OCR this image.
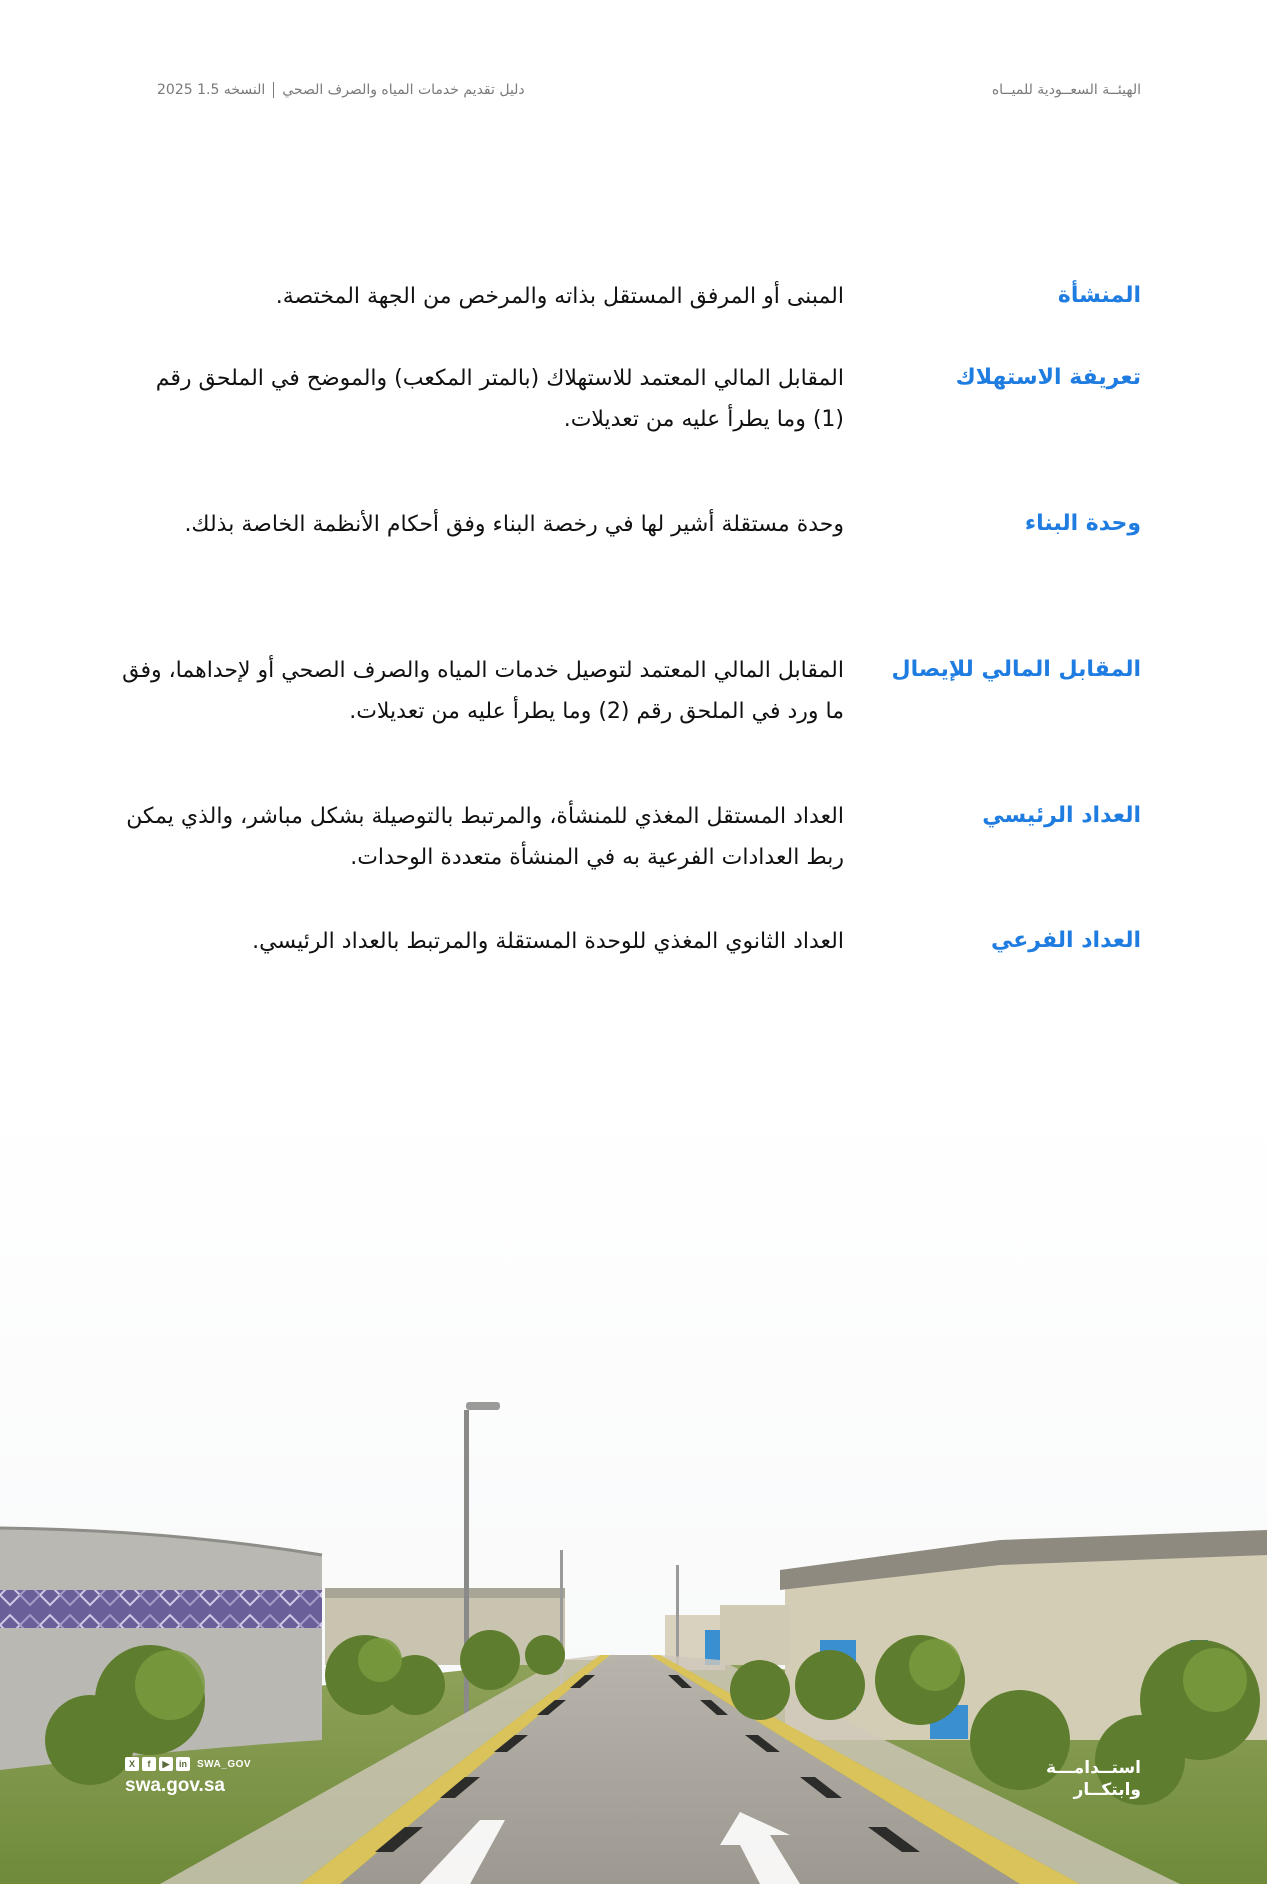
الهيئــة السعــودية للميــاه
دليل تقديم خدمات المياه والصرف الصحي
النسخه 1.5 2025
المنشأة
المبنى أو المرفق المستقل بذاته والمرخص من الجهة المختصة.
تعريفة الاستهلاك
المقابل المالي المعتمد للاستهلاك (بالمتر المكعب) والموضح في الملحق رقم (1) وما يطرأ عليه من تعديلات.
وحدة البناء
وحدة مستقلة أشير لها في رخصة البناء وفق أحكام الأنظمة الخاصة بذلك.
المقابل المالي للإيصال
المقابل المالي المعتمد لتوصيل خدمات المياه والصرف الصحي أو لإحداهما، وفق ما ورد في الملحق رقم (2) وما يطرأ عليه من تعديلات.
العداد الرئيسي
العداد المستقل المغذي للمنشأة، والمرتبط بالتوصيلة بشكل مباشر، والذي يمكن ربط العدادات الفرعية به في المنشأة متعددة الوحدات.
العداد الفرعي
العداد الثانوي المغذي للوحدة المستقلة والمرتبط بالعداد الرئيسي.
X	f	▶	in	SWA_GOV
swa.gov.sa
استــدامـــة
وابتكــار
